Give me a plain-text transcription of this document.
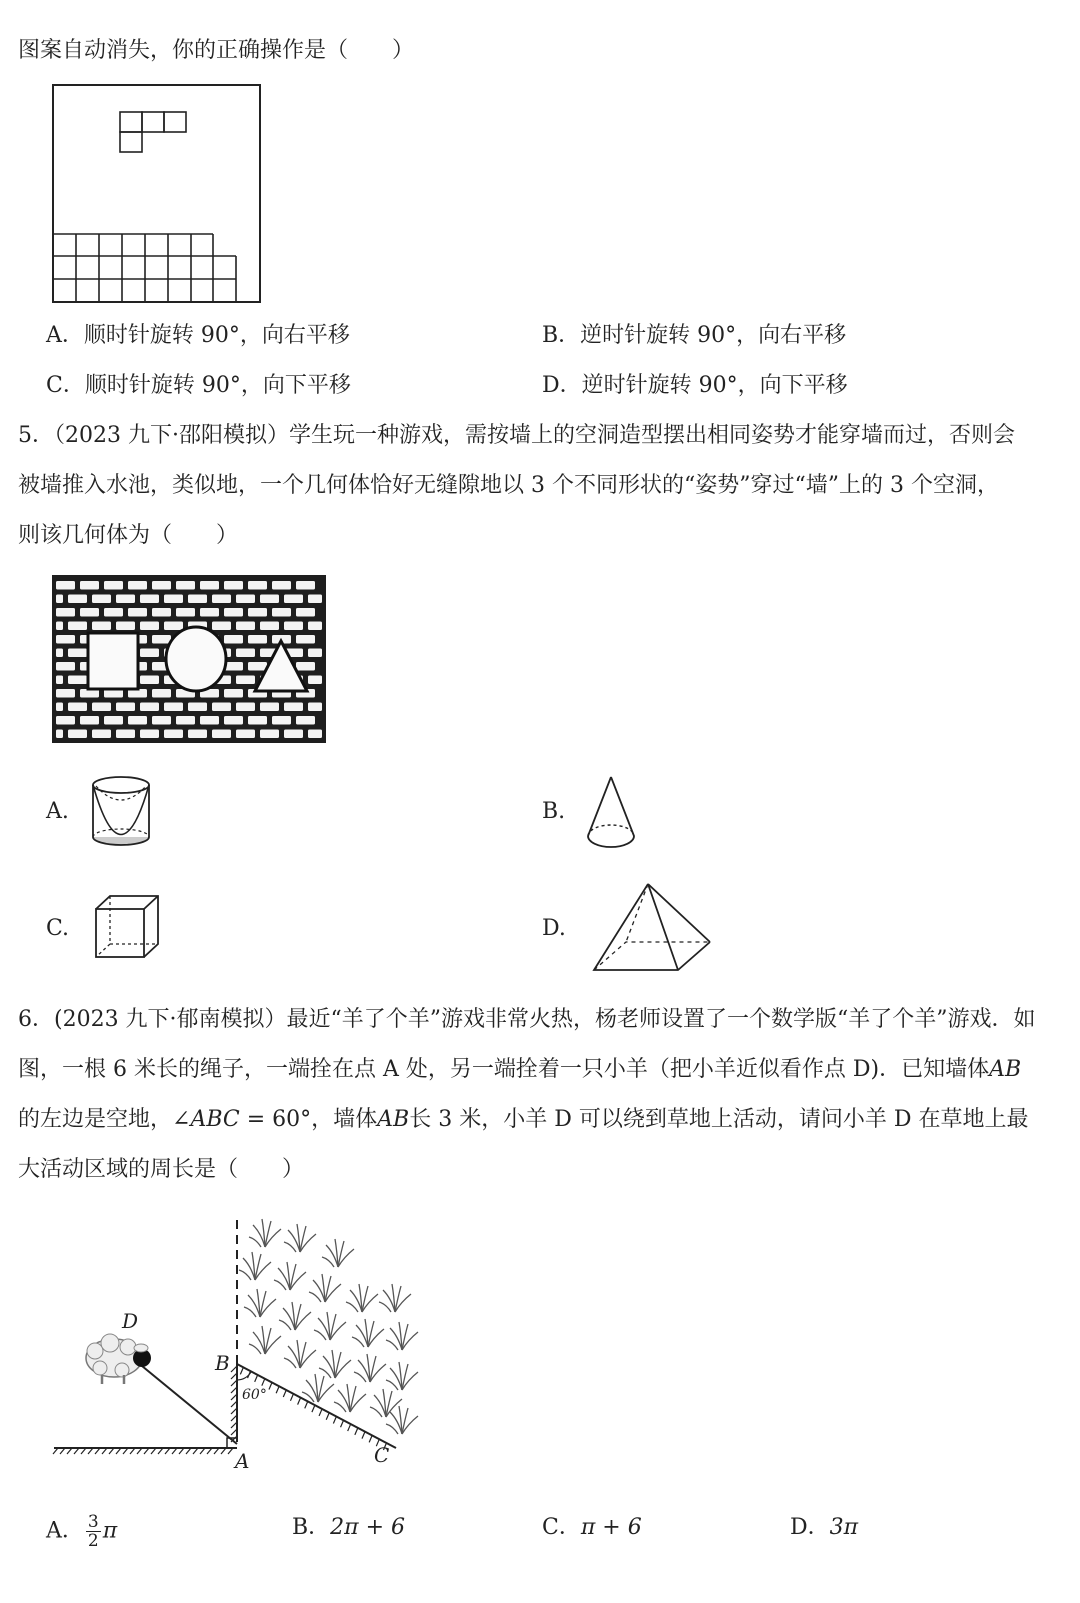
图案自动消失，你的正确操作是（　　）
A．顺时针旋转 90°，向右平移	B．逆时针旋转 90°，向右平移
C．顺时针旋转 90°，向下平移	D．逆时针旋转 90°，向下平移
5．（2023 九下·邵阳模拟）学生玩一种游戏，需按墙上的空洞造型摆出相同姿势才能穿墙而过，否则会
被墙推入水池，类似地，一个几何体恰好无缝隙地以 3 个不同形状的“姿势”穿过“墙”上的 3 个空洞，
则该几何体为（　　）
A.	B.
C.	D.
6．(2023 九下·郁南模拟）最近“羊了个羊”游戏非常火热，杨老师设置了一个数学版“羊了个羊”游戏．如
图，一根 6 米长的绳子，一端拴在点 A 处，另一端拴着一只小羊（把小羊近似看作点 D)．已知墙体AB
的左边是空地，∠ABC = 60°，墙体AB长 3 米，小羊 D 可以绕到草地上活动，请问小羊 D 在草地上最
大活动区域的周长是（　　）
D
B
A	C
60°
A． $\frac{3}{2}$ π	B．2π + 6	C．π + 6	D．3π
